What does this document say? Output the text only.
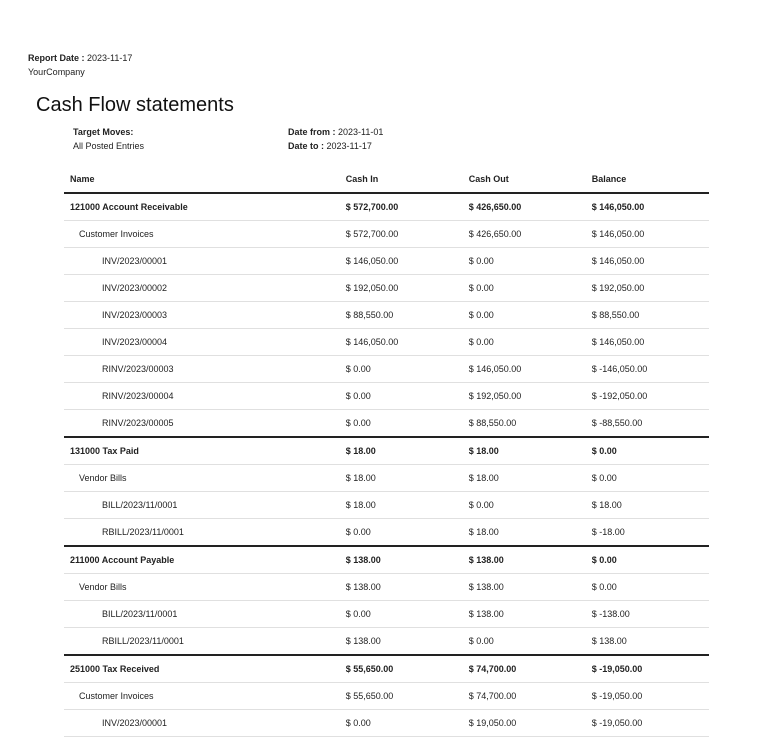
Report Date : 2023-11-17
YourCompany
Cash Flow statements
Target Moves:
All Posted Entries
Date from : 2023-11-01
Date to : 2023-11-17
Name	Cash In	Cash Out	Balance
121000 Account Receivable	$ 572,700.00	$ 426,650.00	$ 146,050.00
Customer Invoices	$ 572,700.00	$ 426,650.00	$ 146,050.00
INV/2023/00001	$ 146,050.00	$ 0.00	$ 146,050.00
INV/2023/00002	$ 192,050.00	$ 0.00	$ 192,050.00
INV/2023/00003	$ 88,550.00	$ 0.00	$ 88,550.00
INV/2023/00004	$ 146,050.00	$ 0.00	$ 146,050.00
RINV/2023/00003	$ 0.00	$ 146,050.00	$ -146,050.00
RINV/2023/00004	$ 0.00	$ 192,050.00	$ -192,050.00
RINV/2023/00005	$ 0.00	$ 88,550.00	$ -88,550.00
131000 Tax Paid	$ 18.00	$ 18.00	$ 0.00
Vendor Bills	$ 18.00	$ 18.00	$ 0.00
BILL/2023/11/0001	$ 18.00	$ 0.00	$ 18.00
RBILL/2023/11/0001	$ 0.00	$ 18.00	$ -18.00
211000 Account Payable	$ 138.00	$ 138.00	$ 0.00
Vendor Bills	$ 138.00	$ 138.00	$ 0.00
BILL/2023/11/0001	$ 0.00	$ 138.00	$ -138.00
RBILL/2023/11/0001	$ 138.00	$ 0.00	$ 138.00
251000 Tax Received	$ 55,650.00	$ 74,700.00	$ -19,050.00
Customer Invoices	$ 55,650.00	$ 74,700.00	$ -19,050.00
INV/2023/00001	$ 0.00	$ 19,050.00	$ -19,050.00
